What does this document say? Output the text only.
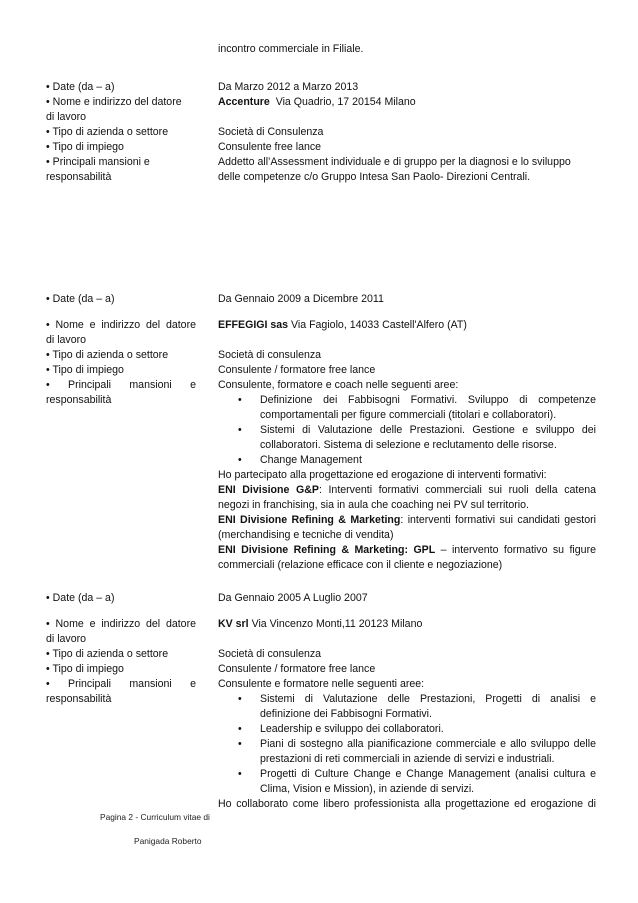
incontro commerciale in Filiale.
• Date (da – a)
• Nome e indirizzo del datore
di lavoro
• Tipo di azienda o settore
• Tipo di impiego
• Principali mansioni e
responsabilità
Da Marzo 2012 a Marzo 2013
Accenture  Via Quadrio, 17 20154 Milano

Società di Consulenza
Consulente free lance
Addetto all’Assessment individuale e di gruppo per la diagnosi e lo sviluppo
delle competenze c/o Gruppo Intesa San Paolo- Direzioni Centrali.
• Date (da – a)	Da Gennaio 2009 a Dicembre 2011
• Nome e indirizzo del datore
di lavoro
• Tipo di azienda o settore
• Tipo di impiego
• Principali mansioni e
responsabilità
EFFEGIGI sas Via Fagiolo, 14033 Castell'Alfero (AT)

Società di consulenza
Consulente / formatore free lance
Consulente, formatore e coach nelle seguenti aree:
• Definizione dei Fabbisogni Formativi. Sviluppo di competenze
comportamentali per figure commerciali (titolari e collaboratori).
• Sistemi di Valutazione delle Prestazioni. Gestione e sviluppo dei
collaboratori. Sistema di selezione e reclutamento delle risorse.
• Change Management
Ho partecipato alla progettazione ed erogazione di interventi formativi:
ENI Divisione G&P: Interventi formativi commerciali sui ruoli della catena
negozi in franchising, sia in aula che coaching nei PV sul territorio.
ENI Divisione Refining & Marketing: interventi formativi sui candidati gestori
(merchandising e tecniche di vendita)
ENI Divisione Refining & Marketing: GPL – intervento formativo su figure
commerciali (relazione efficace con il cliente e negoziazione)
• Date (da – a)	Da Gennaio 2005 A Luglio 2007
• Nome e indirizzo del datore
di lavoro
• Tipo di azienda o settore
• Tipo di impiego
• Principali mansioni e
responsabilità
KV srl Via Vincenzo Monti,11 20123 Milano

Società di consulenza
Consulente / formatore free lance
Consulente e formatore nelle seguenti aree:
• Sistemi di Valutazione delle Prestazioni, Progetti di analisi e
definizione dei Fabbisogni Formativi.
• Leadership e sviluppo dei collaboratori.
• Piani di sostegno alla pianificazione commerciale e allo sviluppo delle
prestazioni di reti commerciali in aziende di servizi e industriali.
• Progetti di Culture Change e Change Management (analisi cultura e
Clima, Vision e Mission), in aziende di servizi.
Ho collaborato come libero professionista alla progettazione ed erogazione di
Pagina 2 - Curriculum vitae di
Panigada Roberto
